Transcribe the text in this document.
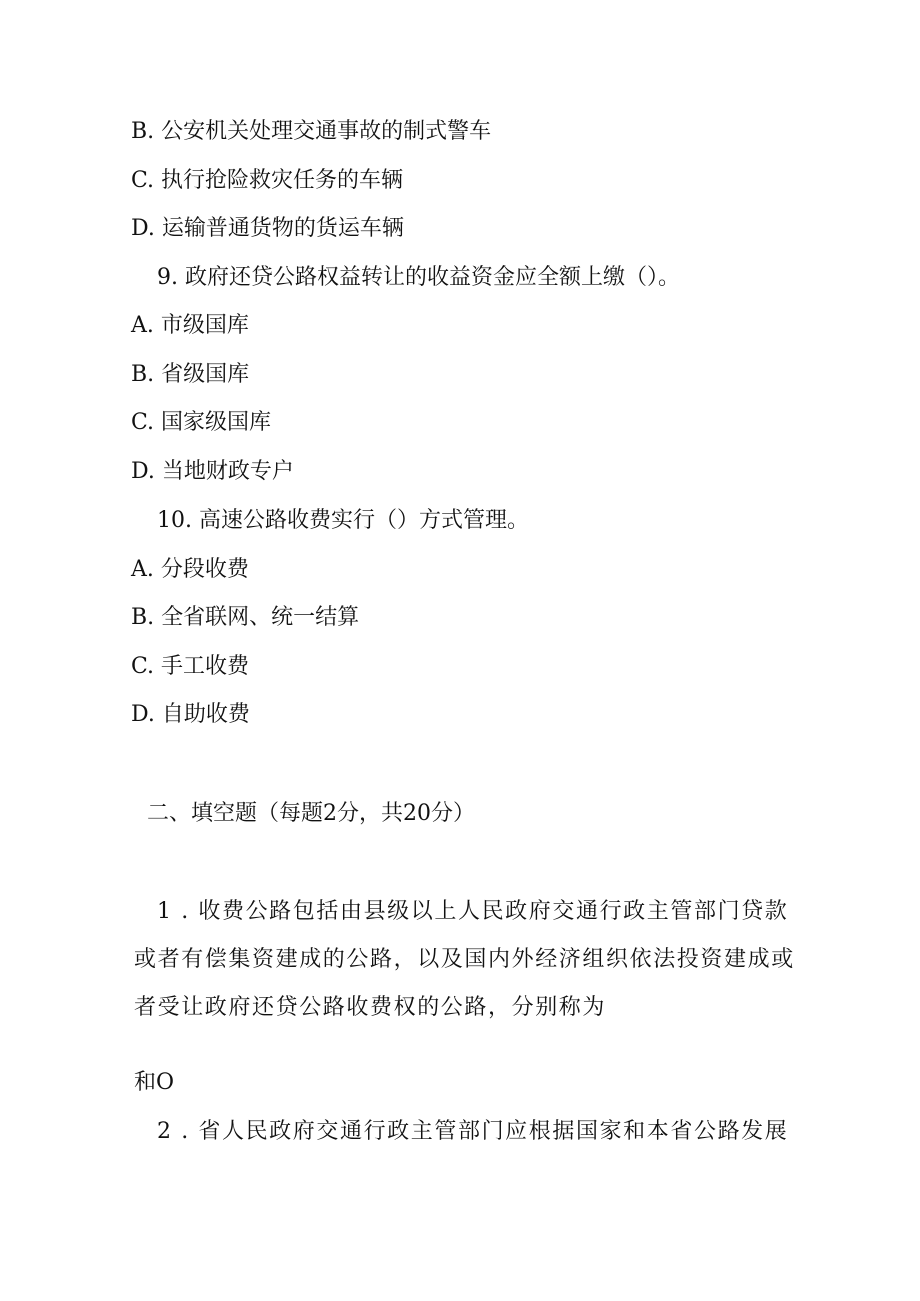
B. 公安机关处理交通事故的制式警车

C. 执行抢险救灾任务的车辆

D. 运输普通货物的货运车辆

9. 政府还贷公路权益转让的收益资金应全额上缴（）。

A. 市级国库

B. 省级国库

C. 国家级国库

D. 当地财政专户

10. 高速公路收费实行（）方式管理。

A. 分段收费

B. 全省联网、统一结算

C. 手工收费

D. 自助收费

二、填空题（每题2分，共20分）

1 . 收费公路包括由县级以上人民政府交通行政主管部门贷款

或者有偿集资建成的公路，以及国内外经济组织依法投资建成或

者受让政府还贷公路收费权的公路，分别称为

和O

2 . 省人民政府交通行政主管部门应根据国家和本省公路发展
